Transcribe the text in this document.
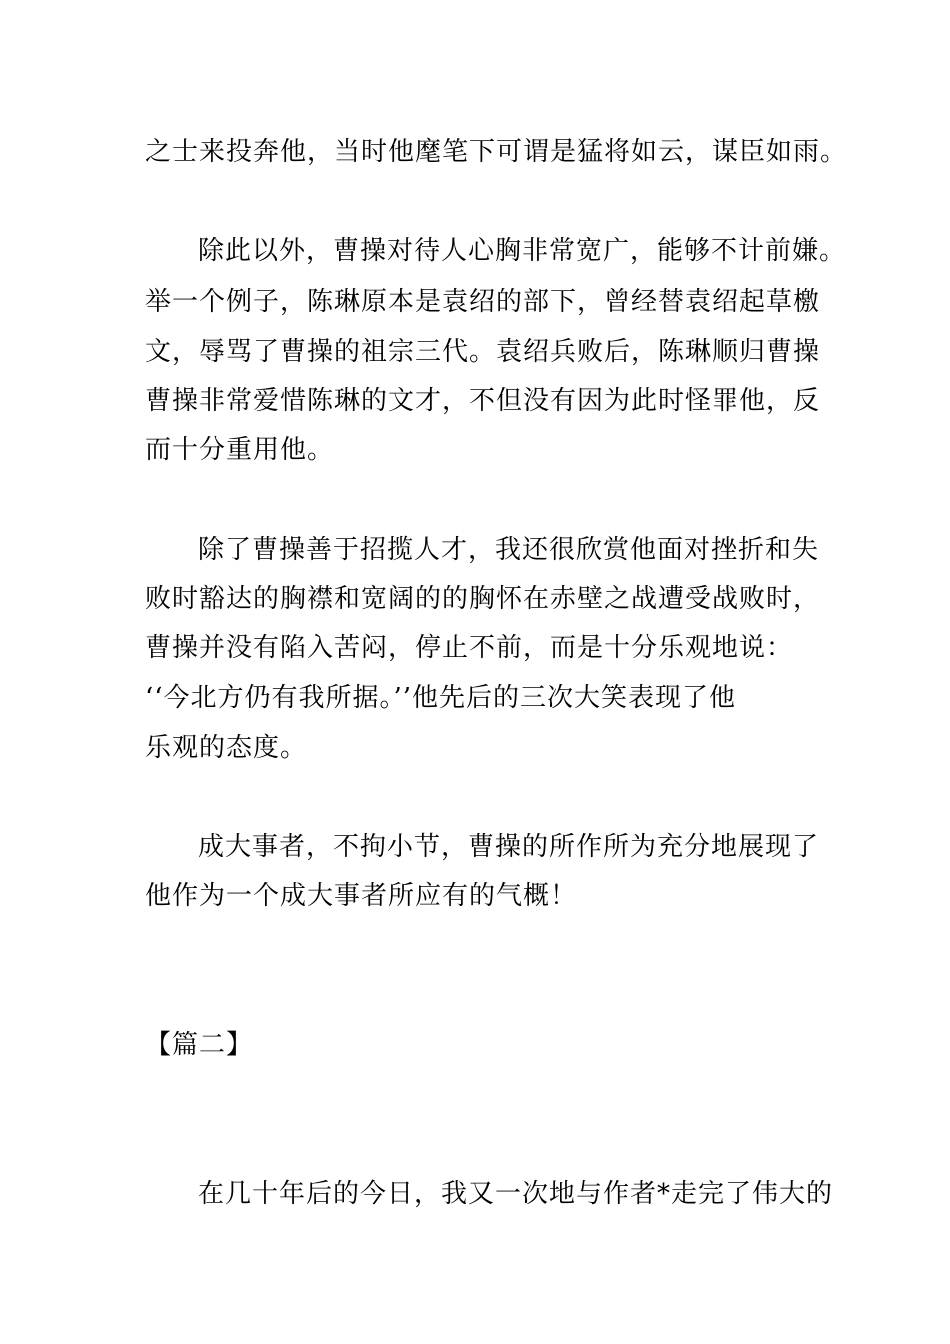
之士来投奔他，当时他麾笔下可谓是猛将如云，谋臣如雨。
除此以外，曹操对待人心胸非常宽广，能够不计前嫌。
举一个例子，陈琳原本是袁绍的部下，曾经替袁绍起草檄
文，辱骂了曹操的祖宗三代。袁绍兵败后，陈琳顺归曹操
曹操非常爱惜陈琳的文才，不但没有因为此时怪罪他，反
而十分重用他。
除了曹操善于招揽人才，我还很欣赏他面对挫折和失
败时豁达的胸襟和宽阔的的胸怀在赤壁之战遭受战败时，
曹操并没有陷入苦闷，停止不前，而是十分乐观地说：
‘‘今北方仍有我所据。’’他先后的三次大笑表现了他
乐观的态度。
成大事者，不拘小节，曹操的所作所为充分地展现了
他作为一个成大事者所应有的气概！
【篇二】
在几十年后的今日，我又一次地与作者*走完了伟大的
